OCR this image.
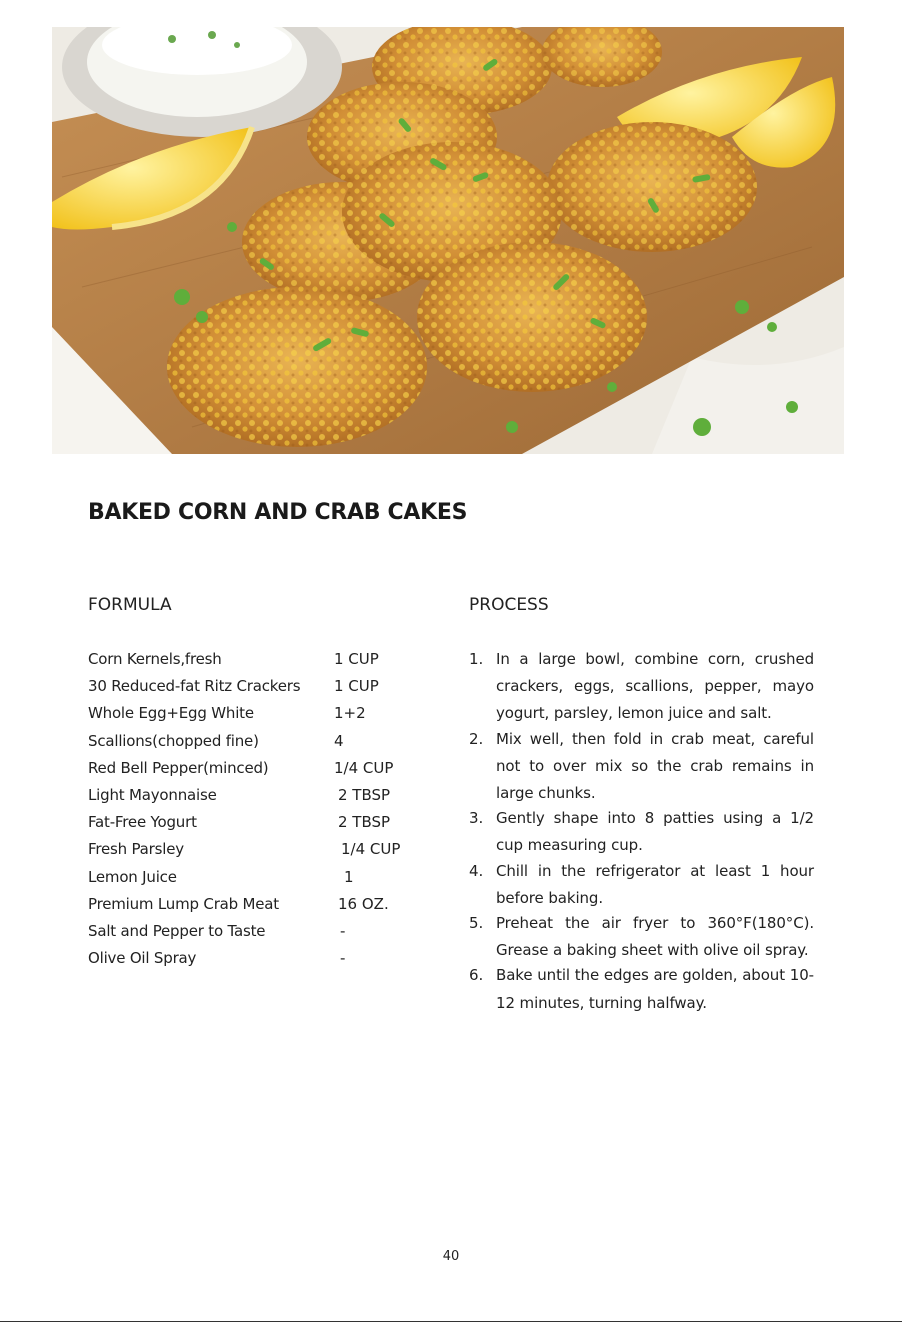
BAKED CORN AND CRAB CAKES
FORMULA	PROCESS
Corn Kernels,fresh	1 CUP
30 Reduced-fat Ritz Crackers 1 CUP
Whole Egg+Egg White	1+2
Scallions(chopped fine)	4
Red Bell Pepper(minced)	1/4 CUP
Light Mayonnaise	2 TBSP
Fat-Free Yogurt	2 TBSP
Fresh Parsley	1/4 CUP
Lemon Juice	1
Premium Lump Crab Meat	16 OZ.
Salt and Pepper to Taste	-
Olive Oil Spray	-
1. In a large bowl, combine corn, crushed crackers, eggs, scallions, pepper, mayo yogurt, parsley, lemon juice and salt.
2. Mix well, then fold in crab meat, careful not to over mix so the crab remains in large chunks.
3. Gently shape into 8 patties using a 1/2 cup measuring cup.
4. Chill in the refrigerator at least 1 hour before baking.
5. Preheat the air fryer to 360°F(180°C). Grease a baking sheet with olive oil spray.
6. Bake until the edges are golden, about 10-12 minutes, turning halfway.
40
